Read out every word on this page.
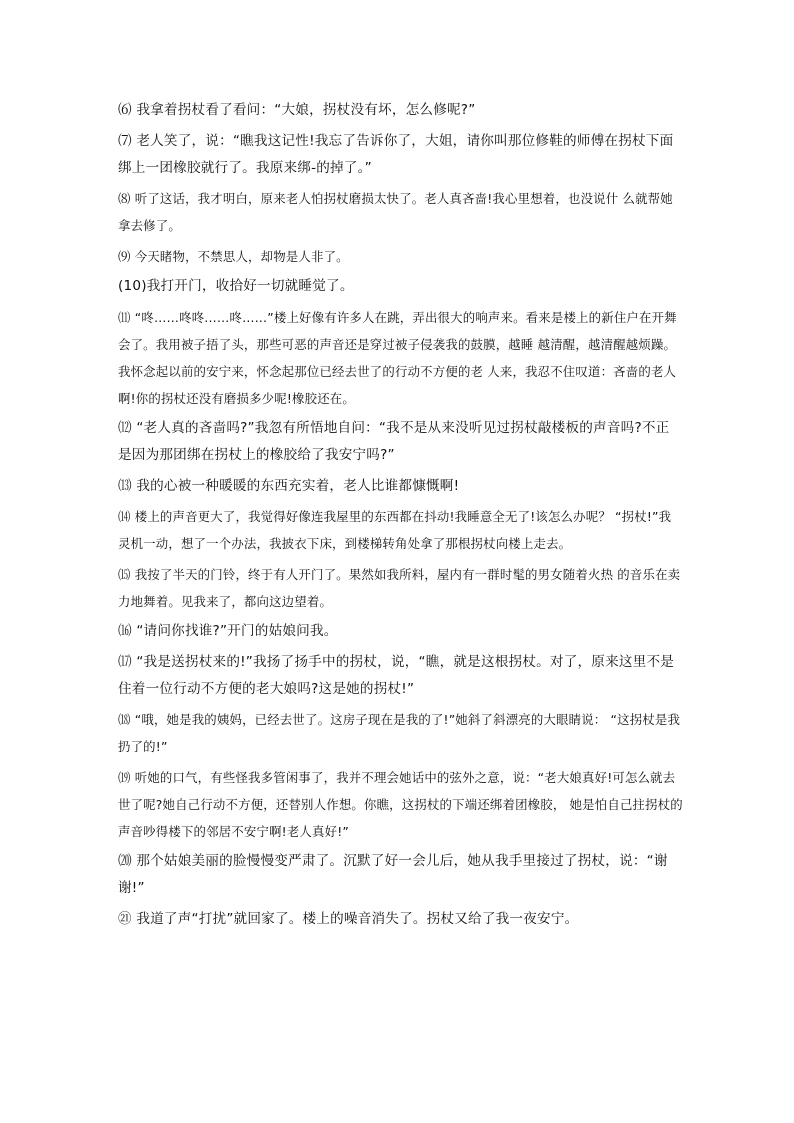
⑹ 我拿着拐杖看了看问：“大娘，拐杖没有坏，怎么修呢?”

⑺ 老人笑了，说：“瞧我这记性!我忘了告诉你了，大姐，请你叫那位修鞋的师傅在拐杖下面绑上一团橡胶就行了。我原来绑-的掉了。”

⑻ 听了这话，我才明白，原来老人怕拐杖磨损太快了。老人真吝啬!我心里想着，也没说什 么就帮她拿去修了。

⑼ 今天睹物，不禁思人，却物是人非了。

(10)我打开门，收拾好一切就睡觉了。

⑾ “咚……咚咚……咚……”楼上好像有许多人在跳，弄出很大的响声来。看来是楼上的新住户在开舞会了。我用被子捂了头，那些可恶的声音还是穿过被子侵袭我的鼓膜，越睡 越清醒，越清醒越烦躁。我怀念起以前的安宁来，怀念起那位已经去世了的行动不方便的老 人来，我忍不住叹道：吝啬的老人啊!你的拐杖还没有磨损多少呢!橡胶还在。

⑿ “老人真的吝啬吗?”我忽有所悟地自问：“我不是从来没听见过拐杖敲楼板的声音吗?不正是因为那团绑在拐杖上的橡胶给了我安宁吗?”

⒀ 我的心被一种暖暖的东西充实着，老人比谁都慷慨啊!

⒁ 楼上的声音更大了，我觉得好像连我屋里的东西都在抖动!我睡意全无了!该怎么办呢？ “拐杖!”我灵机一动，想了一个办法，我披衣下床，到楼梯转角处拿了那根拐杖向楼上走去。

⒂ 我按了半天的门铃，终于有人开门了。果然如我所料，屋内有一群时髦的男女随着火热 的音乐在卖力地舞着。见我来了，都向这边望着。

⒃ “请问你找谁?”开门的姑娘问我。

⒄ “我是送拐杖来的!”我扬了扬手中的拐杖，说，“瞧，就是这根拐杖。对了，原来这里不是住着一位行动不方便的老大娘吗?这是她的拐杖!”

⒅ “哦，她是我的姨妈，已经去世了。这房子现在是我的了!”她斜了斜漂亮的大眼睛说： “这拐杖是我扔了的!”

⒆ 听她的口气，有些怪我多管闲事了，我并不理会她话中的弦外之意，说：“老大娘真好!可怎么就去世了呢?她自己行动不方便，还替别人作想。你瞧，这拐杖的下端还绑着团橡胶， 她是怕自己拄拐杖的声音吵得楼下的邻居不安宁啊!老人真好!”

⒇ 那个姑娘美丽的脸慢慢变严肃了。沉默了好一会儿后，她从我手里接过了拐杖，说：“谢谢!”

㉑ 我道了声“打扰”就回家了。楼上的噪音消失了。拐杖又给了我一夜安宁。
